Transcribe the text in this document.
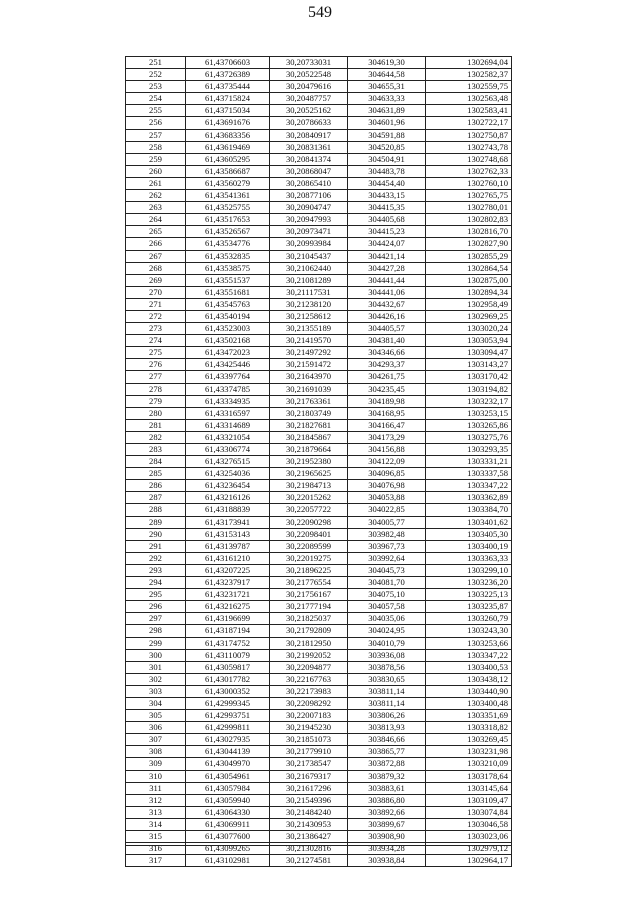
549
251	61,43706603	30,20733031	304619,30	1302694,04
252	61,43726389	30,20522548	304644,58	1302582,37
253	61,43735444	30,20479616	304655,31	1302559,75
254	61,43715824	30,20487757	304633,33	1302563,48
255	61,43715034	30,20525162	304631,89	1302583,41
256	61,43691676	30,20786633	304601,96	1302722,17
257	61,43683356	30,20840917	304591,88	1302750,87
258	61,43619469	30,20831361	304520,85	1302743,78
259	61,43605295	30,20841374	304504,91	1302748,68
260	61,43586687	30,20868047	304483,78	1302762,33
261	61,43560279	30,20865410	304454,40	1302760,10
262	61,43541361	30,20877106	304433,15	1302765,75
263	61,43525755	30,20904747	304415,35	1302780,01
264	61,43517653	30,20947993	304405,68	1302802,83
265	61,43526567	30,20973471	304415,23	1302816,70
266	61,43534776	30,20993984	304424,07	1302827,90
267	61,43532835	30,21045437	304421,14	1302855,29
268	61,43538575	30,21062440	304427,28	1302864,54
269	61,43551537	30,21081289	304441,44	1302875,00
270	61,43551681	30,21117531	304441,06	1302894,34
271	61,43545763	30,21238120	304432,67	1302958,49
272	61,43540194	30,21258612	304426,16	1302969,25
273	61,43523003	30,21355189	304405,57	1303020,24
274	61,43502168	30,21419570	304381,40	1303053,94
275	61,43472023	30,21497292	304346,66	1303094,47
276	61,43425446	30,21591472	304293,37	1303143,27
277	61,43397764	30,21643970	304261,75	1303170,42
278	61,43374785	30,21691039	304235,45	1303194,82
279	61,43334935	30,21763361	304189,98	1303232,17
280	61,43316597	30,21803749	304168,95	1303253,15
281	61,43314689	30,21827681	304166,47	1303265,86
282	61,43321054	30,21845867	304173,29	1303275,76
283	61,43306774	30,21879664	304156,88	1303293,35
284	61,43276515	30,21952380	304122,09	1303331,21
285	61,43254036	30,21965625	304096,85	1303337,58
286	61,43236454	30,21984713	304076,98	1303347,22
287	61,43216126	30,22015262	304053,88	1303362,89
288	61,43188839	30,22057722	304022,85	1303384,70
289	61,43173941	30,22090298	304005,77	1303401,62
290	61,43153143	30,22098401	303982,48	1303405,30
291	61,43139787	30,22089599	303967,73	1303400,19
292	61,43161210	30,22019275	303992,64	1303363,33
293	61,43207225	30,21896225	304045,73	1303299,10
294	61,43237917	30,21776554	304081,70	1303236,20
295	61,43231721	30,21756167	304075,10	1303225,13
296	61,43216275	30,21777194	304057,58	1303235,87
297	61,43196699	30,21825037	304035,06	1303260,79
298	61,43187194	30,21792809	304024,95	1303243,30
299	61,43174752	30,21812950	304010,79	1303253,66
300	61,43110079	30,21992052	303936,08	1303347,22
301	61,43059817	30,22094877	303878,56	1303400,53
302	61,43017782	30,22167763	303830,65	1303438,12
303	61,43000352	30,22173983	303811,14	1303440,90
304	61,42999345	30,22098292	303811,14	1303400,48
305	61,42993751	30,22007183	303806,26	1303351,69
306	61,42999811	30,21945230	303813,93	1303318,82
307	61,43027935	30,21851073	303846,66	1303269,45
308	61,43044139	30,21779910	303865,77	1303231,98
309	61,43049970	30,21738547	303872,88	1303210,09
310	61,43054961	30,21679317	303879,32	1303178,64
311	61,43057984	30,21617296	303883,61	1303145,64
312	61,43059940	30,21549396	303886,80	1303109,47
313	61,43064330	30,21484240	303892,66	1303074,84
314	61,43069911	30,21430953	303899,67	1303046,58
315	61,43077600	30,21386427	303908,90	1303023,06
316	61,43099265	30,21302816	303934,28	1302979,12
317	61,43102981	30,21274581	303938,84	1302964,17
